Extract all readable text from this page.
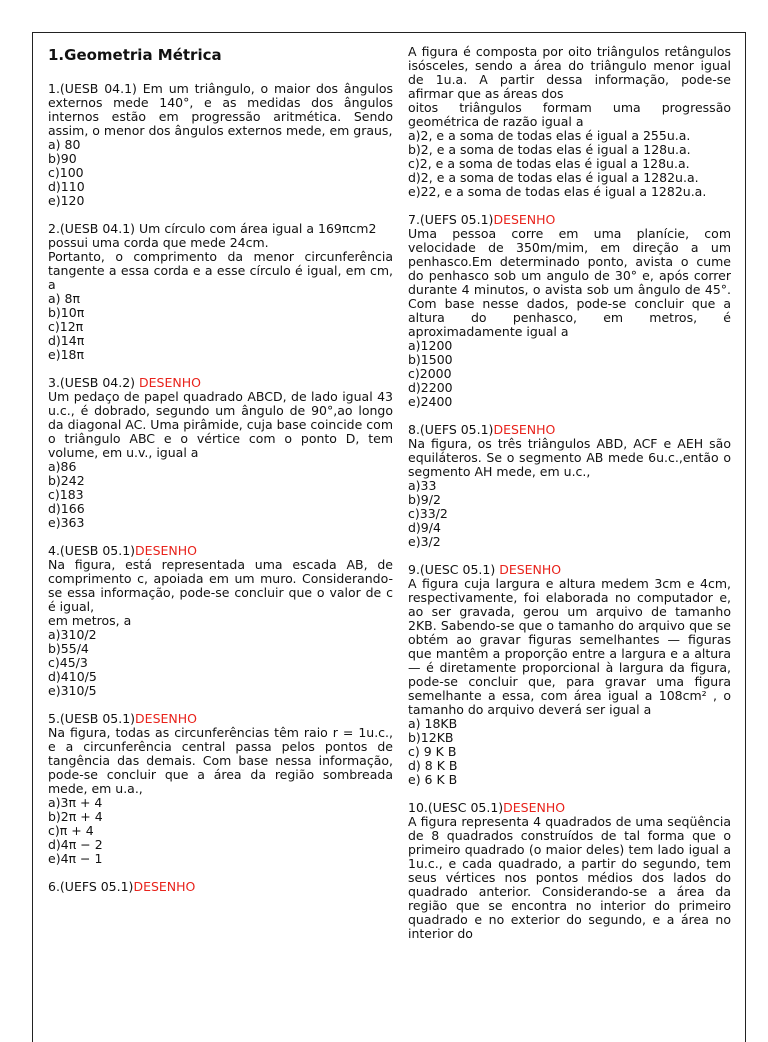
1.Geometria Métrica

1.(UESB 04.1) Em um triângulo, o maior dos ângulos externos mede 140°, e as medidas dos ângulos internos estão em progressão aritmética. Sendo assim, o menor dos ângulos externos mede, em graus,

a) 80
b)90
c)100
d)110
e)120

2.(UESB 04.1) Um círculo com área igual a 169πcm2

possui uma corda que mede 24cm.

Portanto, o comprimento da menor circunferência tangente a essa corda e a esse círculo é igual, em cm, a

a) 8π
b)10π
c)12π
d)14π
e)18π
3.(UESB 04.2) DESENHO

Um pedaço de papel quadrado ABCD, de lado igual 43 u.c., é dobrado, segundo um ângulo de 90°,ao longo da diagonal AC. Uma pirâmide, cuja base coincide com o triângulo ABC e o vértice com o ponto D, tem volume, em u.v., igual a

a)86
b)242
c)183
d)166
e)363
4.(UESB 05.1)DESENHO

Na figura, está representada uma escada AB, de comprimento c, apoiada em um muro. Considerando-se essa informação, pode-se concluir que o valor de c é igual,

em metros, a
a)310/2
b)55/4
c)45/3
d)410/5
e)310/5
5.(UESB 05.1)DESENHO

Na figura, todas as circunferências têm raio r = 1u.c., e a circunferência central passa pelos pontos de tangência das demais. Com base nessa informação, pode-se concluir que a área da região sombreada mede, em u.a.,

a)3π + 4
b)2π + 4
c)π + 4
d)4π − 2
e)4π − 1
6.(UEFS 05.1)DESENHO

A figura é composta por oito triângulos retângulos isósceles, sendo a área do triângulo menor igual de 1u.a. A partir dessa informação, pode-se afirmar que as áreas dos

oitos triângulos formam uma progressão geométrica de razão igual a

a)2, e a soma de todas elas é igual a 255u.a.
b)2, e a soma de todas elas é igual a 128u.a.
c)2, e a soma de todas elas é igual a 128u.a.
d)2, e a soma de todas elas é igual a 1282u.a.
e)22, e a soma de todas elas é igual a 1282u.a.
7.(UEFS 05.1)DESENHO

Uma pessoa corre em uma planície, com velocidade de 350m/mim, em direção a um penhasco.Em determinado ponto, avista o cume do penhasco sob um angulo de 30° e, após correr durante 4 minutos, o avista sob um ângulo de 45°. Com base nesse dados, pode-se concluir que a altura do penhasco, em metros, é aproximadamente igual a

a)1200
b)1500
c)2000
d)2200
e)2400
8.(UEFS 05.1)DESENHO

Na figura, os três triângulos ABD, ACF e AEH são equiláteros. Se o segmento AB mede 6u.c.,então o segmento AH mede, em u.c.,

a)33
b)9/2
c)33/2
d)9/4
e)3/2
9.(UESC 05.1) DESENHO

A figura cuja largura e altura medem 3cm e 4cm, respectivamente, foi elaborada no computador e, ao ser gravada, gerou um arquivo de tamanho 2KB. Sabendo-se que o tamanho do arquivo que se obtém ao gravar figuras semelhantes — figuras que mantêm a proporção entre a largura e a altura — é diretamente proporcional à largura da figura, pode-se concluir que, para gravar uma figura semelhante a essa, com área igual a 108cm² , o tamanho do arquivo deverá ser igual a

a) 18KB
b)12KB
c) 9 K B
d) 8 K B
e) 6 K B
10.(UESC 05.1)DESENHO

A figura representa 4 quadrados de uma seqüência de 8 quadrados construídos de tal forma que o primeiro quadrado (o maior deles) tem lado igual a 1u.c., e cada quadrado, a partir do segundo, tem seus vértices nos pontos médios dos lados do quadrado anterior. Considerando-se a área da região que se encontra no interior do primeiro quadrado e no exterior do segundo, e a área no interior do
